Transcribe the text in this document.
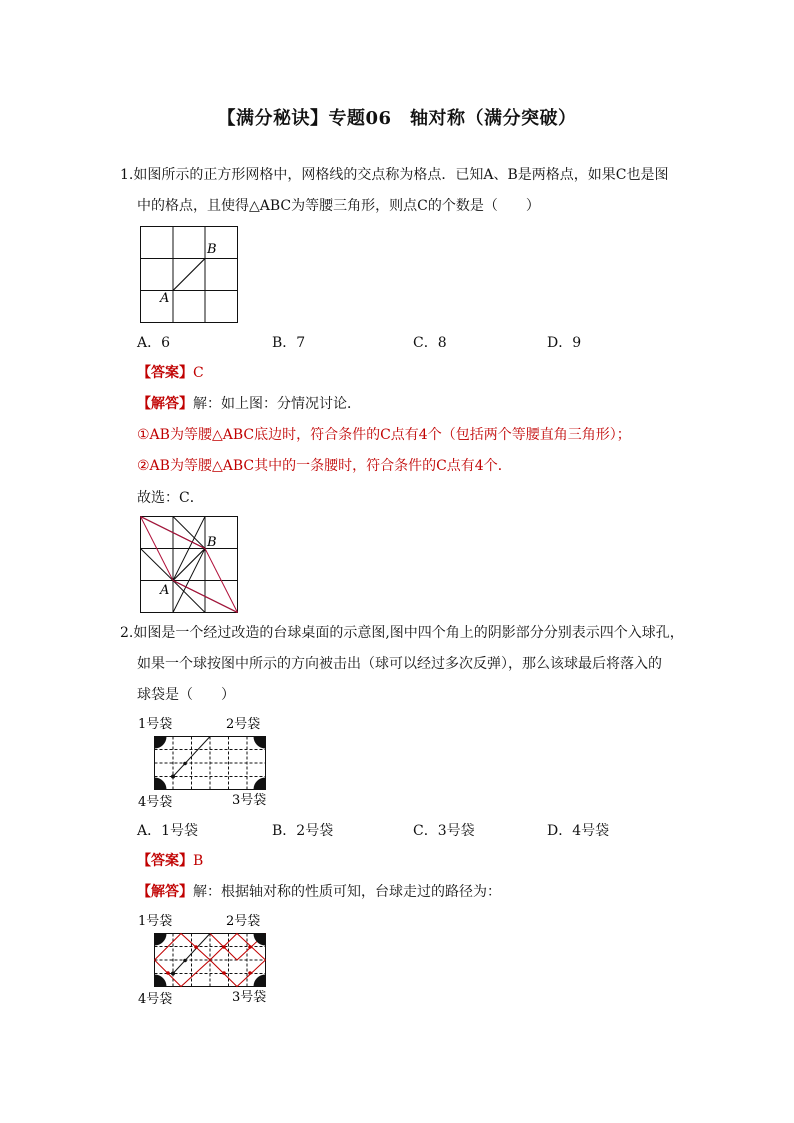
【满分秘诀】专题06　轴对称（满分突破）
1.如图所示的正方形网格中，网格线的交点称为格点．已知A、B是两格点，如果C也是图
中的格点，且使得△ABC为等腰三角形，则点C的个数是（　　）
A
B
A．6	B．7	C．8	D．9
【答案】C
【解答】解：如上图：分情况讨论．
①AB为等腰△ABC底边时，符合条件的C点有4个（包括两个等腰直角三角形）；
②AB为等腰△ABC其中的一条腰时，符合条件的C点有4个．
故选：C．
A
B
2.如图是一个经过改造的台球桌面的示意图,图中四个角上的阴影部分分别表示四个入球孔，
如果一个球按图中所示的方向被击出（球可以经过多次反弹），那么该球最后将落入的
球袋是（　　）
1号袋	2号袋
3号袋
4号袋
A．1号袋	B．2号袋	C．3号袋	D．4号袋
【答案】B
【解答】解：根据轴对称的性质可知，台球走过的路径为：
1号袋	2号袋
3号袋
4号袋
